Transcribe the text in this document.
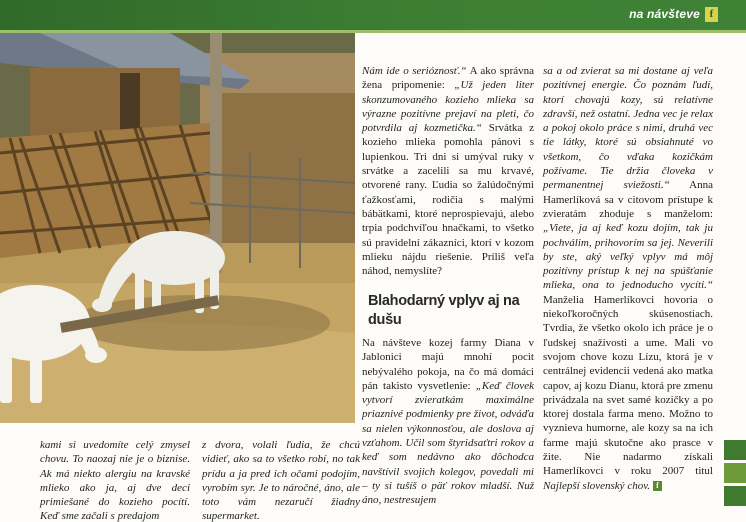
na návšteve f

Nám ide o serióznosť.“ A ako správna žena pripomenie: „Už jeden liter skonzumovaného kozieho mlieka sa výrazne pozitívne prejaví na pleti, čo potvrdila aj kozmetička.“ Srvátka z kozieho mlieka pomohla pánovi s lupienkou. Tri dni si umýval ruky v srvátke a zacelili sa mu krvavé, otvorené rany. Ľudia so žalúdočnými ťažkosťami, rodičia s malými bábätkami, ktoré neprospievajú, alebo trpia podchvíľou hnačkami, to všetko sú pravidelní zákazníci, ktorí v kozom mlieku nájdu riešenie. Príliš veľa náhod, nemyslíte?

Blahodarný vplyv aj na dušu

Na návšteve kozej farmy Diana v Jablonici majú mnohí pocit nebývalého pokoja, na čo má domáci pán takisto vysvetlenie: „Keď človek vytvorí zvieratkám maximálne priaznivé podmienky pre život, odváďa sa nielen výkonnosťou, ale doslova aj vzťahom. Učil som štyridsaťtri rokov a keď som nedávno ako dôchodca navštívil svojich kolegov, povedali mi – ty si tušíš o päť rokov mladší. Nuž áno, nestresujem

sa a od zvierat sa mi dostane aj veľa pozitívnej energie. Čo poznám ľudí, ktorí chovajú kozy, sú relatívne zdravší, než ostatní. Jedna vec je relax a pokoj okolo práce s nimi, druhá vec tie látky, ktoré sú obsiahnuté vo všetkom, čo vďaka kozičkám požívame. Tie držia človeka v permanentnej sviežosti.“ Anna Hamerlíková sa v citovom prístupe k zvieratám zhoduje s manželom: „Viete, ja aj keď kozu dojím, tak ju pochválim, prihovorím sa jej. Neverili by ste, aký veľký vplyv má môj pozitívny prístup k nej na spúšťanie mlieka, ona to jednoducho vycíti.“ Manželia Hamerlíkovci hovoria o niekoľkoročných skúsenostiach. Tvrdia, že všetko okolo ich práce je o ľudskej snaživosti a ume. Mali vo svojom chove kozu Lízu, ktorá je v centrálnej evidencii vedená ako matka capov, aj kozu Dianu, ktorá pre zmenu privádzala na svet samé kozičky a po ktorej dostala farma meno. Možno to vyznieva humorne, ale kozy sa na ich farme majú skutočne ako prasce v žite. Nie nadarmo získali Hamerlíkovci v roku 2007 titul Najlepší slovenský chov. f

kami si uvedomíte celý zmysel chovu. To naozaj nie je o biznise. Ak má niekto alergiu na kravské mlieko ako ja, aj dve deci primiešané do kozieho pocítí. Keď sme začali s predajom

z dvora, volali ľudia, že chcú vidieť, ako sa to všetko robí, no tak prídu a ja pred ich očami podojím, vyrobím syr. Je to náročné, áno, ale toto vám nezaručí žiadny supermarket.
